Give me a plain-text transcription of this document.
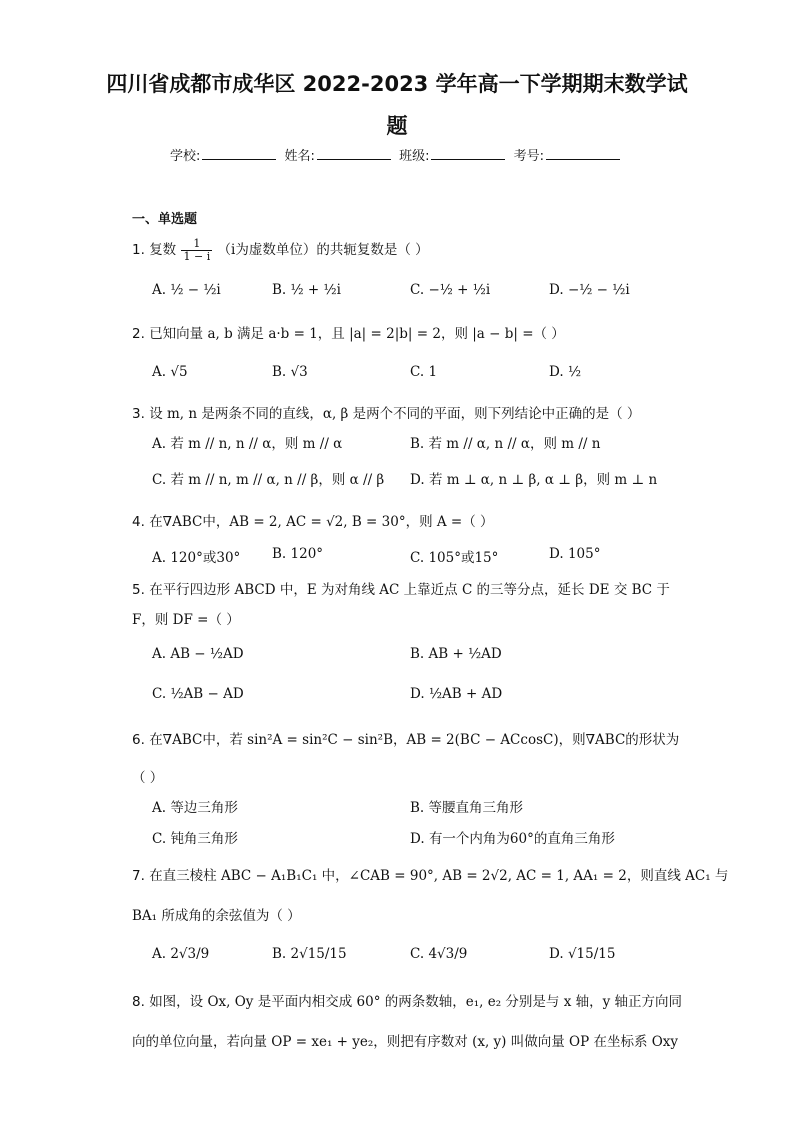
四川省成都市成华区 2022-2023 学年高一下学期期末数学试
题
学校:	姓名:	班级:	考号:
一、单选题
1. 复数 $\frac{1}{1 - i} (i$为虚数单位）的共轭复数是（ ）
A. ½ − ½i	B. ½ + ½i	C. −½ + ½i	D. −½ − ½i
2. 已知向量 a, b 满足 a·b = 1，且 |a| = 2|b| = 2，则 |a − b| =（ ）
A. √5	B. √3	C. 1	D. ½
3. 设 m, n 是两条不同的直线，α, β 是两个不同的平面，则下列结论中正确的是（ ）
A. 若 m // n, n // α，则 m // α	B. 若 m // α, n // α，则 m // n
C. 若 m // n, m // α, n // β，则 α // β D. 若 m ⊥ α, n ⊥ β, α ⊥ β，则 m ⊥ n
4. 在∇ABC中，AB = 2, AC = √2, B = 30°，则 A =（ ）
A. 120°或30° B. 120°	C. 105°或15°	D. 105°
5. 在平行四边形 ABCD 中，E 为对角线 AC 上靠近点 C 的三等分点，延长 DE 交 BC 于
F，则 DF =（ ）
A. AB − ½AD	B. AB + ½AD
C. ½AB − AD	D. ½AB + AD
6. 在∇ABC中，若 sin²A = sin²C − sin²B，AB = 2(BC − ACcosC)，则∇ABC的形状为
（ ）
A. 等边三角形	B. 等腰直角三角形
C. 钝角三角形	D. 有一个内角为60°的直角三角形
7. 在直三棱柱 ABC − A₁B₁C₁ 中，∠CAB = 90°, AB = 2√2, AC = 1, AA₁ = 2，则直线 AC₁ 与
BA₁ 所成角的余弦值为（ ）
A. 2√3/9	B. 2√15/15	C. 4√3/9	D. √15/15
8. 如图，设 Ox, Oy 是平面内相交成 60° 的两条数轴，e₁, e₂ 分别是与 x 轴，y 轴正方向同
向的单位向量，若向量 OP = xe₁ + ye₂，则把有序数对 (x, y) 叫做向量 OP 在坐标系 Oxy
